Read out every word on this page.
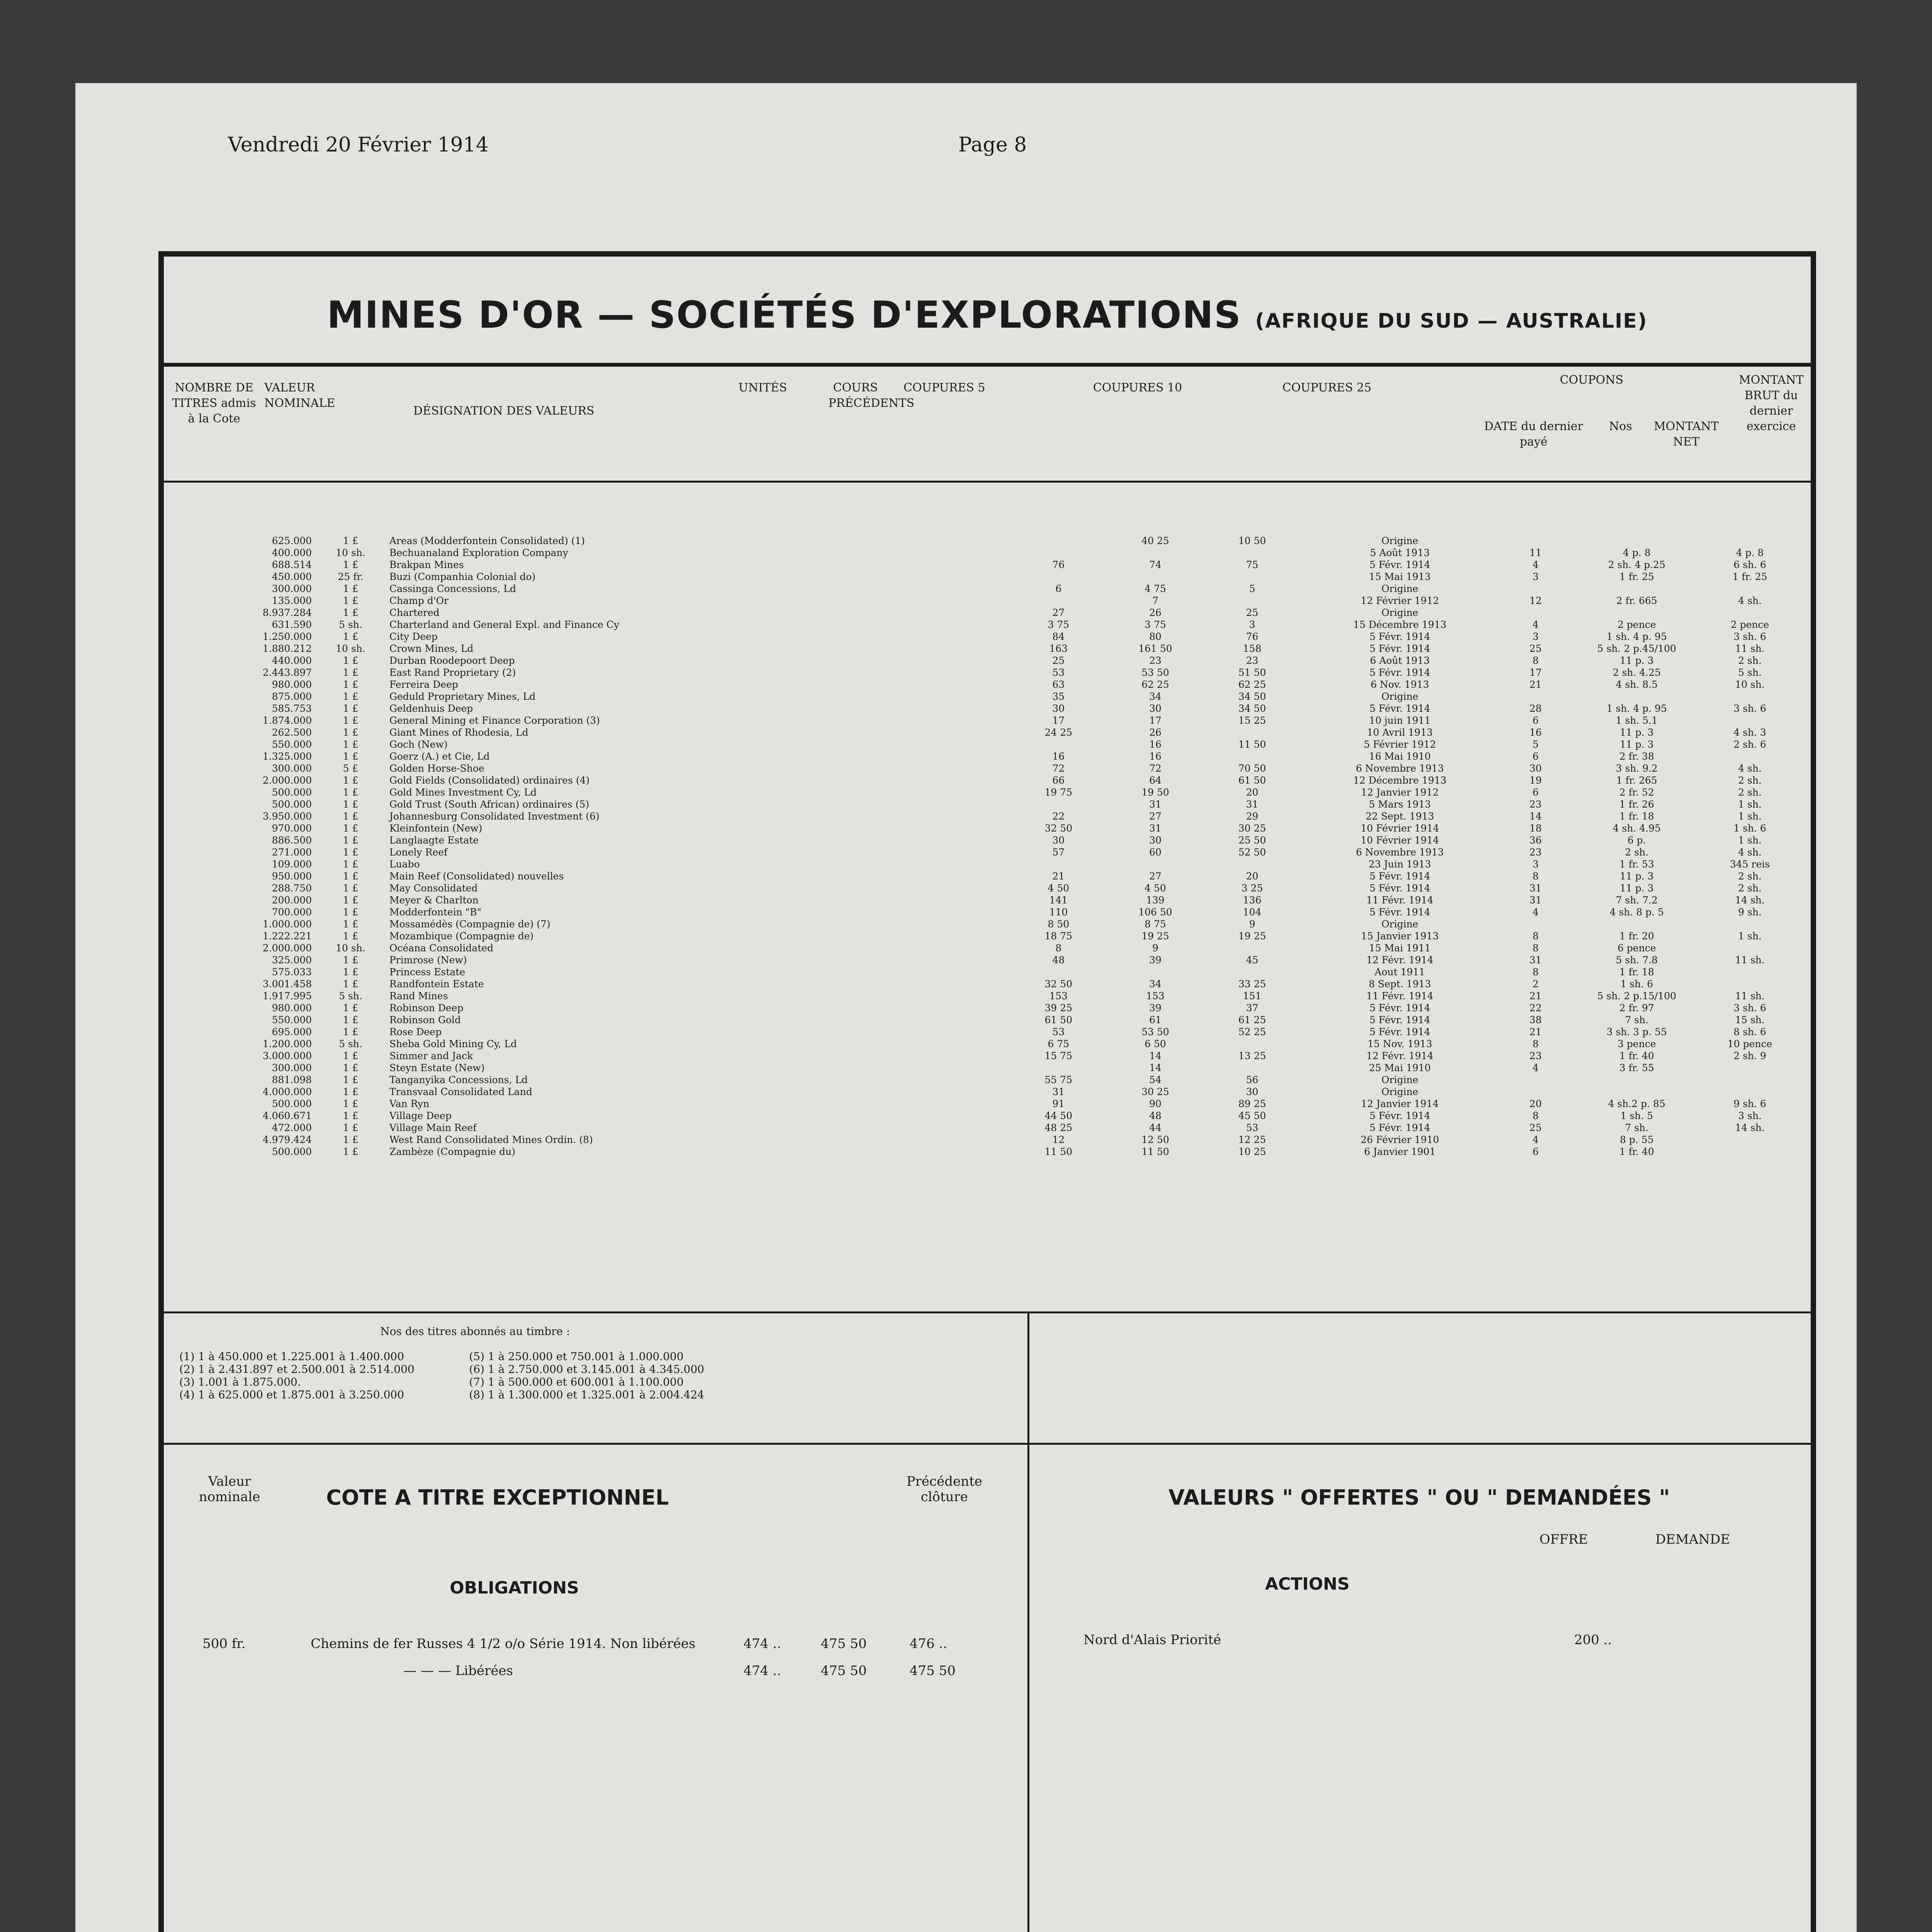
Vendredi 20 Février 1914	Page 8
MINES D'OR — SOCIÉTÉS D'EXPLORATIONS (AFRIQUE DU SUD — AUSTRALIE)
NOMBRE DE TITRES admis à la Cote
VALEUR NOMINALE
DÉSIGNATION DES VALEURS
UNITÉS	COURS PRÉCÉDENTS
COUPURES 5	COUPURES 10	COUPURES 25
COUPONS
DATE du dernier payé
Nos	MONTANT NET
MONTANT BRUT du dernier exercice
625.000	1 £	Areas (Modderfontein Consolidated) (1)		40 25	10 50	Origine			
400.000	10 sh.	Bechuanaland Exploration Company				5 Août 1913	11	4 p. 8	4 p. 8
688.514	1 £	Brakpan Mines	76	74	75	5 Févr. 1914	4	2 sh. 4 p.25	6 sh. 6
450.000	25 fr.	Buzi (Companhia Colonial do)				15 Mai 1913	3	1 fr. 25	1 fr. 25
300.000	1 £	Cassinga Concessions, Ld	6	4 75	5	Origine			
135.000	1 £	Champ d'Or		7		12 Février 1912	12	2 fr. 665	4 sh.
8.937.284	1 £	Chartered	27	26	25	Origine			
631.590	5 sh.	Charterland and General Expl. and Finance Cy	3 75	3 75	3	15 Décembre 1913	4	2 pence	2 pence
1.250.000	1 £	City Deep	84	80	76	5 Févr. 1914	3	1 sh. 4 p. 95	3 sh. 6
1.880.212	10 sh.	Crown Mines, Ld	163	161 50	158	5 Févr. 1914	25	5 sh. 2 p.45/100	11 sh.
440.000	1 £	Durban Roodepoort Deep	25	23	23	6 Août 1913	8	11 p. 3	2 sh.
2.443.897	1 £	East Rand Proprietary (2)	53	53 50	51 50	5 Févr. 1914	17	2 sh. 4.25	5 sh.
980.000	1 £	Ferreira Deep	63	62 25	62 25	6 Nov. 1913	21	4 sh. 8.5	10 sh.
875.000	1 £	Geduld Proprietary Mines, Ld	35	34	34 50	Origine			
585.753	1 £	Geldenhuis Deep	30	30	34 50	5 Févr. 1914	28	1 sh. 4 p. 95	3 sh. 6
1.874.000	1 £	General Mining et Finance Corporation (3)	17	17	15 25	10 juin 1911	6	1 sh. 5.1	
262.500	1 £	Giant Mines of Rhodesia, Ld	24 25	26		10 Avril 1913	16	11 p. 3	4 sh. 3
550.000	1 £	Goch (New)		16	11 50	5 Février 1912	5	11 p. 3	2 sh. 6
1.325.000	1 £	Goerz (A.) et Cie, Ld	16	16		16 Mai 1910	6	2 fr. 38	
300.000	5 £	Golden Horse-Shoe	72	72	70 50	6 Novembre 1913	30	3 sh. 9.2	4 sh.
2.000.000	1 £	Gold Fields (Consolidated) ordinaires (4)	66	64	61 50	12 Décembre 1913	19	1 fr. 265	2 sh.
500.000	1 £	Gold Mines Investment Cy, Ld	19 75	19 50	20	12 Janvier 1912	6	2 fr. 52	2 sh.
500.000	1 £	Gold Trust (South African) ordinaires (5)		31	31	5 Mars 1913	23	1 fr. 26	1 sh.
3.950.000	1 £	Johannesburg Consolidated Investment (6)	22	27	29	22 Sept. 1913	14	1 fr. 18	1 sh.
970.000	1 £	Kleinfontein (New)	32 50	31	30 25	10 Février 1914	18	4 sh. 4.95	1 sh. 6
886.500	1 £	Langlaagte Estate	30	30	25 50	10 Février 1914	36	6 p.	1 sh.
271.000	1 £	Lonely Reef	57	60	52 50	6 Novembre 1913	23	2 sh.	4 sh.
109.000	1 £	Luabo				23 Juin 1913	3	1 fr. 53	345 reis
950.000	1 £	Main Reef (Consolidated) nouvelles	21	27	20	5 Févr. 1914	8	11 p. 3	2 sh.
288.750	1 £	May Consolidated	4 50	4 50	3 25	5 Févr. 1914	31	11 p. 3	2 sh.
200.000	1 £	Meyer & Charlton	141	139	136	11 Févr. 1914	31	7 sh. 7.2	14 sh.
700.000	1 £	Modderfontein "B"	110	106 50	104	5 Févr. 1914	4	4 sh. 8 p. 5	9 sh.
1.000.000	1 £	Mossamédès (Compagnie de) (7)	8 50	8 75	9	Origine			
1.222.221	1 £	Mozambique (Compagnie de)	18 75	19 25	19 25	15 Janvier 1913	8	1 fr. 20	1 sh.
2.000.000	10 sh.	Océana Consolidated	8	9		15 Mai 1911	8	6 pence	
325.000	1 £	Primrose (New)	48	39	45	12 Févr. 1914	31	5 sh. 7.8	11 sh.
575.033	1 £	Princess Estate				Aout 1911	8	1 fr. 18	
3.001.458	1 £	Randfontein Estate	32 50	34	33 25	8 Sept. 1913	2	1 sh. 6	
1.917.995	5 sh.	Rand Mines	153	153	151	11 Févr. 1914	21	5 sh. 2 p.15/100	11 sh.
980.000	1 £	Robinson Deep	39 25	39	37	5 Févr. 1914	22	2 fr. 97	3 sh. 6
550.000	1 £	Robinson Gold	61 50	61	61 25	5 Févr. 1914	38	7 sh.	15 sh.
695.000	1 £	Rose Deep	53	53 50	52 25	5 Févr. 1914	21	3 sh. 3 p. 55	8 sh. 6
1.200.000	5 sh.	Sheba Gold Mining Cy, Ld	6 75	6 50		15 Nov. 1913	8	3 pence	10 pence
3.000.000	1 £	Simmer and Jack	15 75	14	13 25	12 Févr. 1914	23	1 fr. 40	2 sh. 9
300.000	1 £	Steyn Estate (New)		14		25 Mai 1910	4	3 fr. 55	
881.098	1 £	Tanganyika Concessions, Ld	55 75	54	56	Origine			
4.000.000	1 £	Transvaal Consolidated Land	31	30 25	30	Origine			
500.000	1 £	Van Ryn	91	90	89 25	12 Janvier 1914	20	4 sh.2 p. 85	9 sh. 6
4.060.671	1 £	Village Deep	44 50	48	45 50	5 Févr. 1914	8	1 sh. 5	3 sh.
472.000	1 £	Village Main Reef	48 25	44	53	5 Févr. 1914	25	7 sh.	14 sh.
4.979.424	1 £	West Rand Consolidated Mines Ordin. (8)	12	12 50	12 25	26 Février 1910	4	8 p. 55	
500.000	1 £	Zambèze (Compagnie du)	11 50	11 50	10 25	6 Janvier 1901	6	1 fr. 40	
Nos des titres abonnés au timbre :
(1) 1 à 450.000 et 1.225.001 à 1.400.000
(2) 1 à 2.431.897 et 2.500.001 à 2.514.000
(3) 1.001 à 1.875.000.
(4) 1 à 625.000 et 1.875.001 à 3.250.000
(5) 1 à 250.000 et 750.001 à 1.000.000
(6) 1 à 2.750.000 et 3.145.001 à 4.345.000
(7) 1 à 500.000 et 600.001 à 1.100.000
(8) 1 à 1.300.000 et 1.325.001 à 2.004.424
Valeur nominale	COTE A TITRE EXCEPTIONNEL
Précédente clôture
OBLIGATIONS
500 fr.	Chemins de fer Russes 4 1/2 o/o Série 1914. Non libérées	474 ..	475 50	476 ..
— — — Libérées	474 ..	475 50	475 50
VALEURS " OFFERTES " OU " DEMANDÉES "
OFFRE	DEMANDE
ACTIONS
Nord d'Alais Priorité	200 ..
